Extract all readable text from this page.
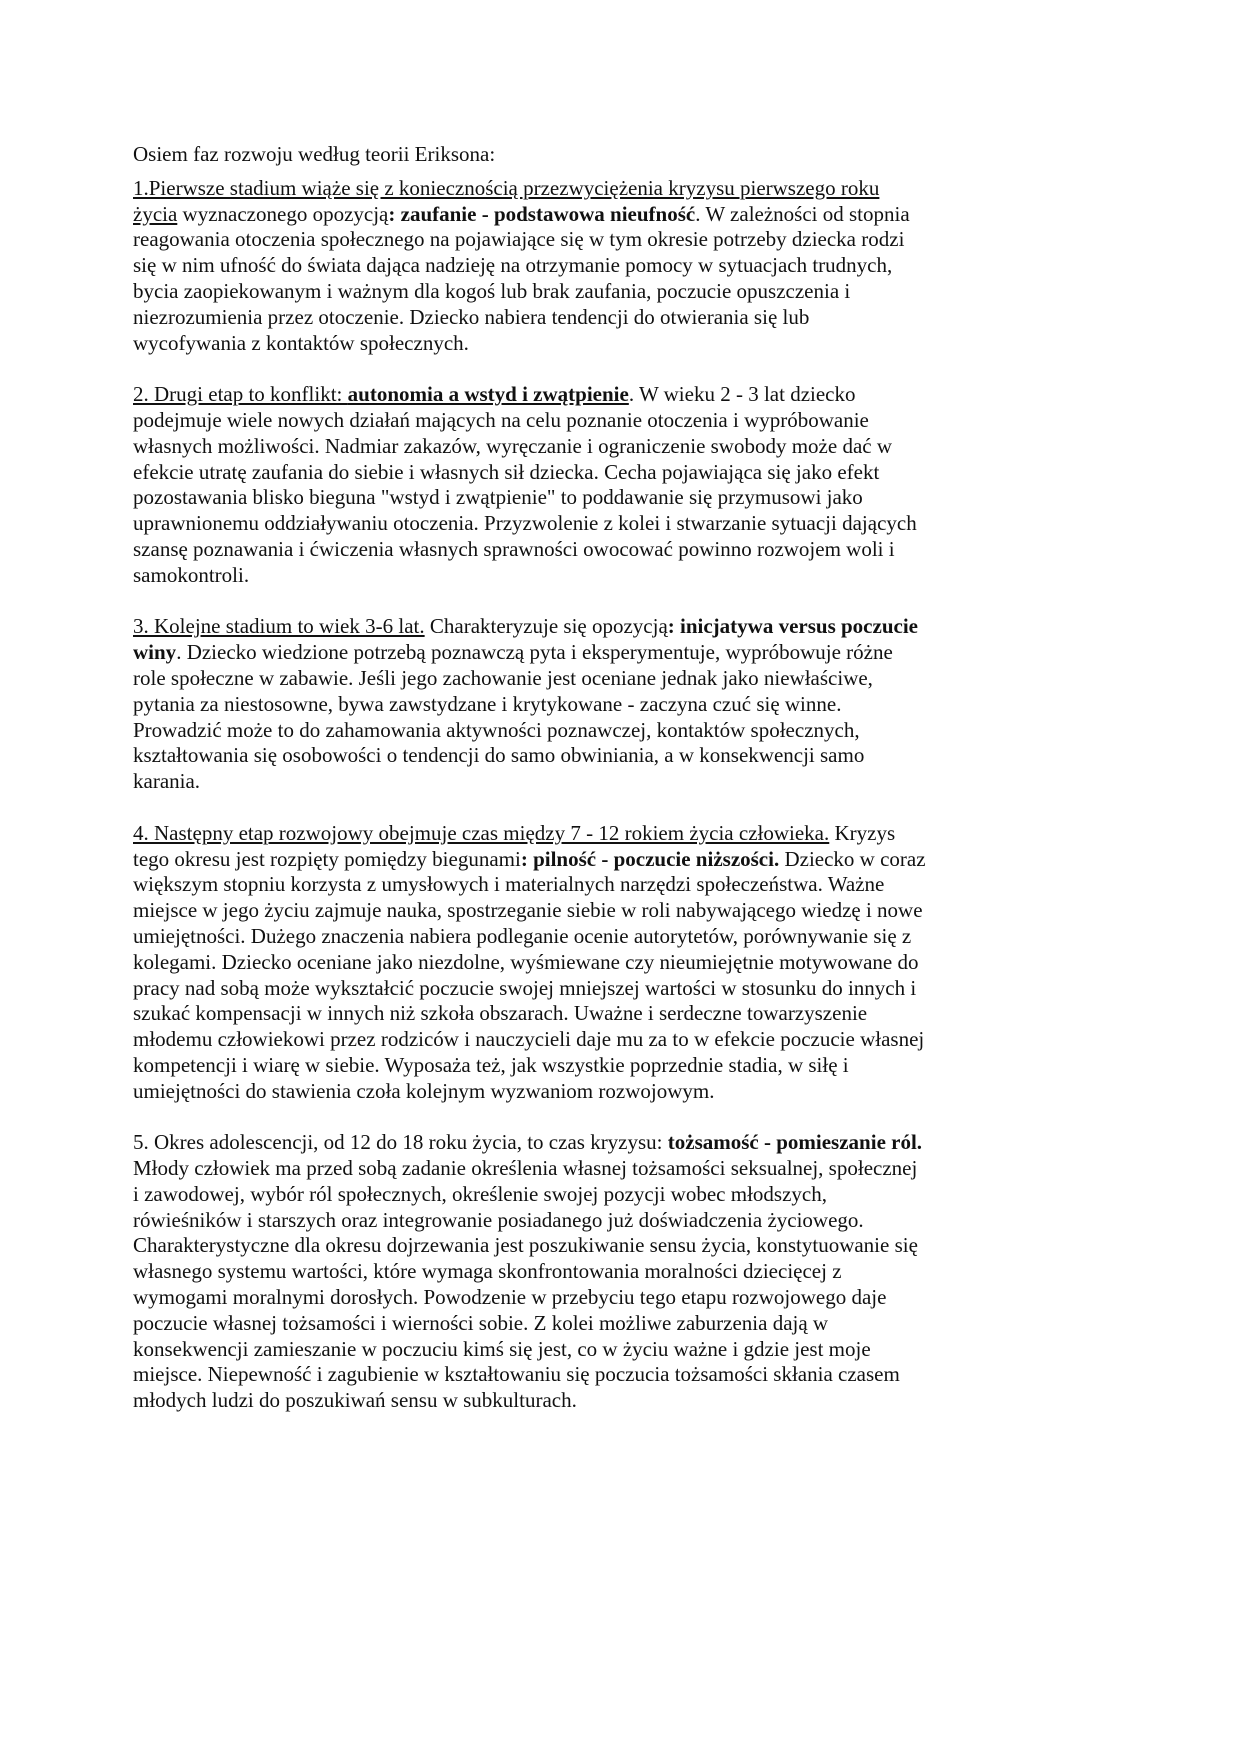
Osiem faz rozwoju według teorii Eriksona:
1.Pierwsze stadium wiąże się z koniecznością przezwyciężenia kryzysu pierwszego roku
życia wyznaczonego opozycją: zaufanie - podstawowa nieufność. W zależności od stopnia
reagowania otoczenia społecznego na pojawiające się w tym okresie potrzeby dziecka rodzi
się w nim ufność do świata dająca nadzieję na otrzymanie pomocy w sytuacjach trudnych,
bycia zaopiekowanym i ważnym dla kogoś lub brak zaufania, poczucie opuszczenia i
niezrozumienia przez otoczenie. Dziecko nabiera tendencji do otwierania się lub
wycofywania z kontaktów społecznych.
2. Drugi etap to konflikt: autonomia a wstyd i zwątpienie. W wieku 2 - 3 lat dziecko
podejmuje wiele nowych działań mających na celu poznanie otoczenia i wypróbowanie
własnych możliwości. Nadmiar zakazów, wyręczanie i ograniczenie swobody może dać w
efekcie utratę zaufania do siebie i własnych sił dziecka. Cecha pojawiająca się jako efekt
pozostawania blisko bieguna "wstyd i zwątpienie" to poddawanie się przymusowi jako
uprawnionemu oddziaływaniu otoczenia. Przyzwolenie z kolei i stwarzanie sytuacji dających
szansę poznawania i ćwiczenia własnych sprawności owocować powinno rozwojem woli i
samokontroli.
3. Kolejne stadium to wiek 3-6 lat. Charakteryzuje się opozycją: inicjatywa versus poczucie
winy. Dziecko wiedzione potrzebą poznawczą pyta i eksperymentuje, wypróbowuje różne
role społeczne w zabawie. Jeśli jego zachowanie jest oceniane jednak jako niewłaściwe,
pytania za niestosowne, bywa zawstydzane i krytykowane - zaczyna czuć się winne.
Prowadzić może to do zahamowania aktywności poznawczej, kontaktów społecznych,
kształtowania się osobowości o tendencji do samo obwiniania, a w konsekwencji samo
karania.
4. Następny etap rozwojowy obejmuje czas między 7 - 12 rokiem życia człowieka. Kryzys
tego okresu jest rozpięty pomiędzy biegunami: pilność - poczucie niższości. Dziecko w coraz
większym stopniu korzysta z umysłowych i materialnych narzędzi społeczeństwa. Ważne
miejsce w jego życiu zajmuje nauka, spostrzeganie siebie w roli nabywającego wiedzę i nowe
umiejętności. Dużego znaczenia nabiera podleganie ocenie autorytetów, porównywanie się z
kolegami. Dziecko oceniane jako niezdolne, wyśmiewane czy nieumiejętnie motywowane do
pracy nad sobą może wykształcić poczucie swojej mniejszej wartości w stosunku do innych i
szukać kompensacji w innych niż szkoła obszarach. Uważne i serdeczne towarzyszenie
młodemu człowiekowi przez rodziców i nauczycieli daje mu za to w efekcie poczucie własnej
kompetencji i wiarę w siebie. Wyposaża też, jak wszystkie poprzednie stadia, w siłę i
umiejętności do stawienia czoła kolejnym wyzwaniom rozwojowym.
5. Okres adolescencji, od 12 do 18 roku życia, to czas kryzysu: tożsamość - pomieszanie ról.
Młody człowiek ma przed sobą zadanie określenia własnej tożsamości seksualnej, społecznej
i zawodowej, wybór ról społecznych, określenie swojej pozycji wobec młodszych,
rówieśników i starszych oraz integrowanie posiadanego już doświadczenia życiowego.
Charakterystyczne dla okresu dojrzewania jest poszukiwanie sensu życia, konstytuowanie się
własnego systemu wartości, które wymaga skonfrontowania moralności dziecięcej z
wymogami moralnymi dorosłych. Powodzenie w przebyciu tego etapu rozwojowego daje
poczucie własnej tożsamości i wierności sobie. Z kolei możliwe zaburzenia dają w
konsekwencji zamieszanie w poczuciu kimś się jest, co w życiu ważne i gdzie jest moje
miejsce. Niepewność i zagubienie w kształtowaniu się poczucia tożsamości skłania czasem
młodych ludzi do poszukiwań sensu w subkulturach.
